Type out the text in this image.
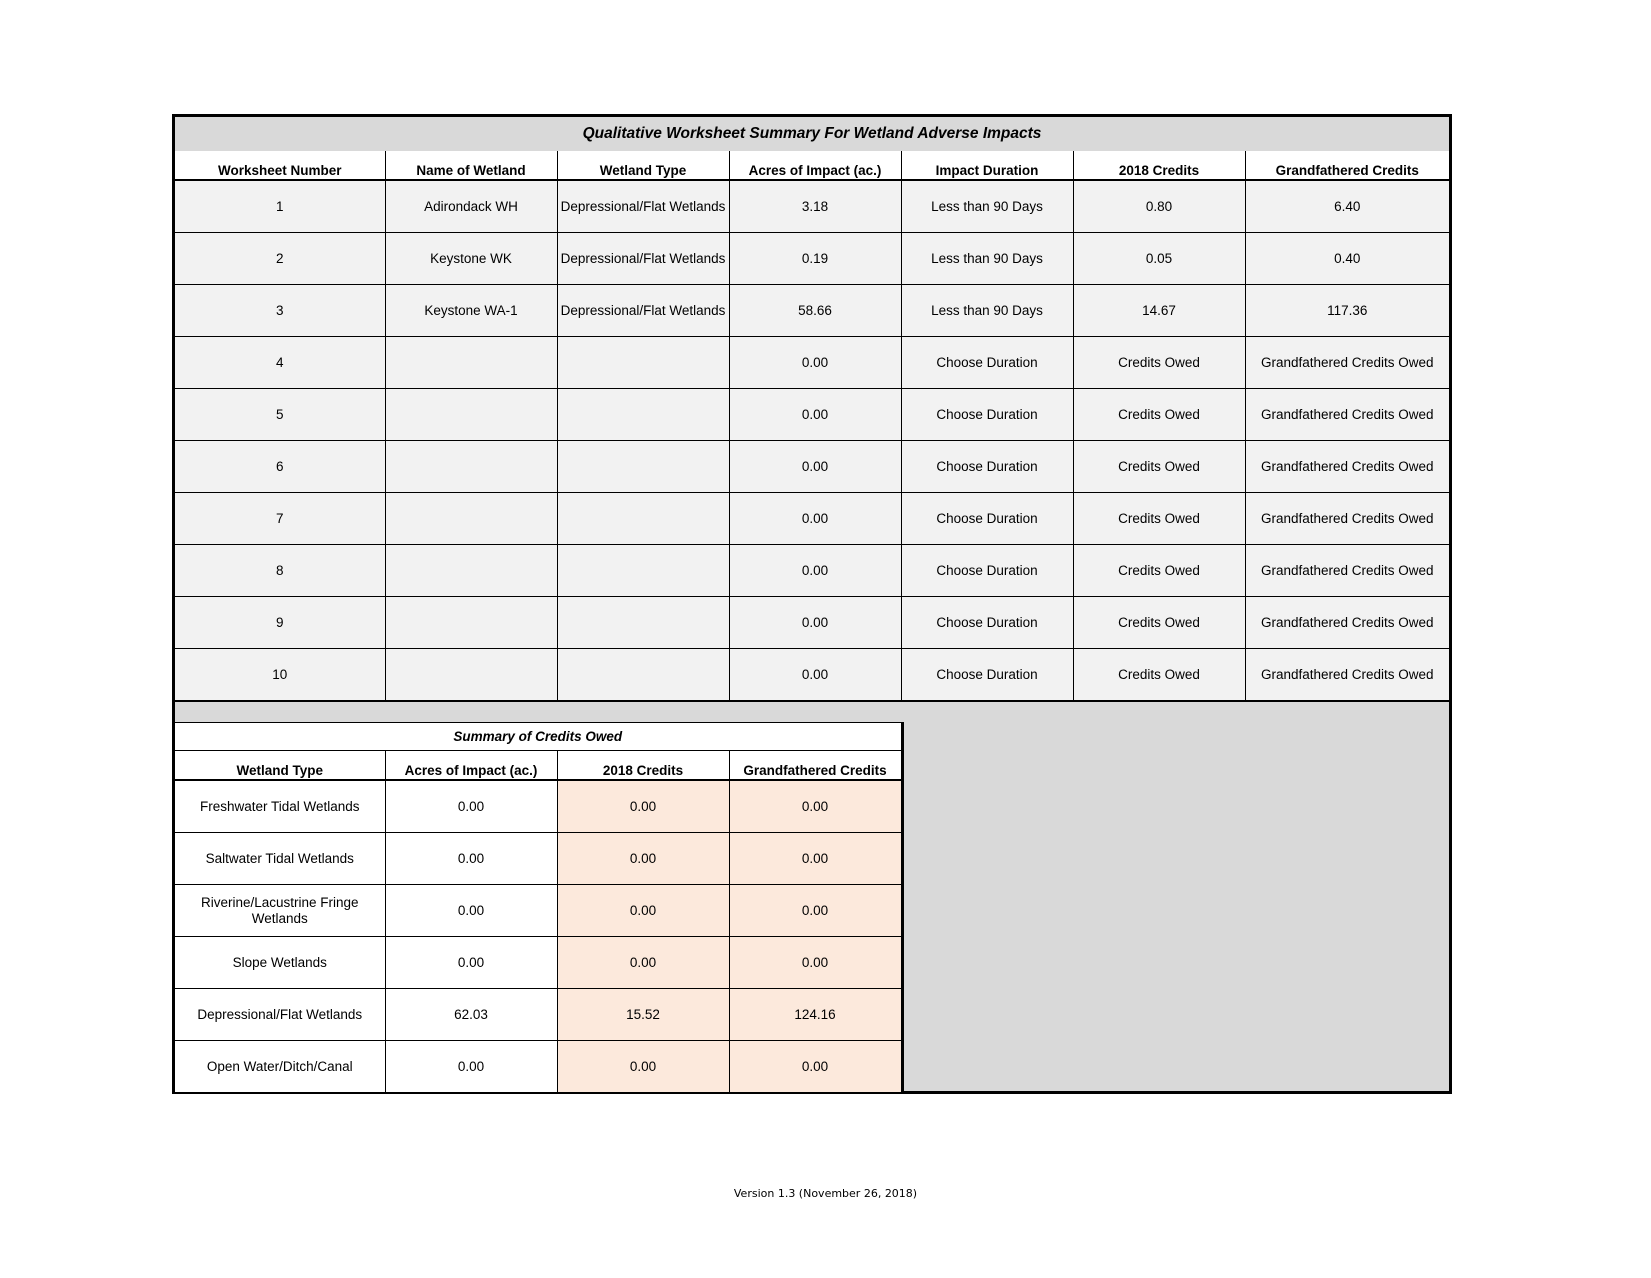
Qualitative Worksheet Summary For Wetland Adverse Impacts
Worksheet Number	Name of Wetland	Wetland Type	Acres of Impact (ac.)	Impact Duration	2018 Credits	Grandfathered Credits
1	Adirondack WH	Depressional/Flat Wetlands	3.18	Less than 90 Days	0.80	6.40
2	Keystone WK	Depressional/Flat Wetlands	0.19	Less than 90 Days	0.05	0.40
3	Keystone WA-1	Depressional/Flat Wetlands	58.66	Less than 90 Days	14.67	117.36
4			0.00	Choose Duration	Credits Owed	Grandfathered Credits Owed
5			0.00	Choose Duration	Credits Owed	Grandfathered Credits Owed
6			0.00	Choose Duration	Credits Owed	Grandfathered Credits Owed
7			0.00	Choose Duration	Credits Owed	Grandfathered Credits Owed
8			0.00	Choose Duration	Credits Owed	Grandfathered Credits Owed
9			0.00	Choose Duration	Credits Owed	Grandfathered Credits Owed
10			0.00	Choose Duration	Credits Owed	Grandfathered Credits Owed
Summary of Credits Owed			
Wetland Type	Acres of Impact (ac.)	2018 Credits	Grandfathered Credits
Freshwater Tidal Wetlands	0.00	0.00	0.00
Saltwater Tidal Wetlands	0.00	0.00	0.00
Riverine/Lacustrine Fringe Wetlands	0.00	0.00	0.00
Slope Wetlands	0.00	0.00	0.00
Depressional/Flat Wetlands	62.03	15.52	124.16
Open Water/Ditch/Canal	0.00	0.00	0.00
Version 1.3 (November 26, 2018)
